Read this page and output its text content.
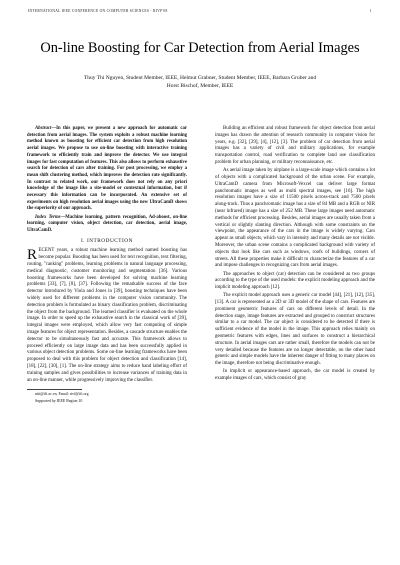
INTERNATIONAL IEEE CONFERENCE ON COMPUTER SCIENCES - RIVF'08	1
On-line Boosting for Car Detection from Aerial Images
Thuy Thi Nguyen, Student Member, IEEE, Helmut Grabner, Student Member, IEEE, Barbara Gruber and
Horst Bischof, Member, IEEE

Abstract—In this paper, we present a new approach for automatic car detection from aerial images. The system exploits a robust machine learning method known as boosting for efficient car detection from high resolution aerial images. We propose to use on-line boosting with interactive training framework to efficiently train and improve the detector. We use integral images for fast computation of features. This also allows to perform exhaustive search for detection of cars after training. For post processing, we employ a mean shift clustering method, which improves the detection rate significantly. In contrast to related work, our framework does not rely on any priori knowledge of the image like a site-model or contextual information, but if necessary this information can be incorporated. An extensive set of experiments on high resolution aerial images using the new UltraCamD shows the superiority of our approach.

Index Terms—Machine learning, pattern recognition, Ad-aboost, on-line learning, computer vision, object detection, car detection, aerial image, UltraCamD.

I. INTRODUCTION

RECENT years, a robust machine learning method named boosting has become popular. Boosting has been used for text recognition, text filtering, routing, "ranking" problems, learning problems in natural language processing, medical diagnostic, customer monitoring and segmentation [36]. Various boosting frameworks have been developed for solving machine learning problems [33], [7], [8], [37]. Following the remarkable success of the face detector introduced by Viola and Jones in [39], boosting techniques have been widely used for different problems in the computer vision community. The detection problem is formulated as binary classification problem, discriminating the object from the background. The learned classifier is evaluated on the whole image. In order to speed up the exhaustive search in the classical work of [39], integral images were employed, which allow very fast computing of simple image features for object representation. Besides, a cascade structure enables the detector to be simultaneously fast and accurate. This framework allows to proceed efficiently on large image data and has been successfully applied in various object detection problems. Some on-line learning frameworks have been proposed to deal with this problem for object detection and classification [14], [18], [22], [30], [1]. The on-line strategy aims to reduce hand labeling effort of training samples and gives possibilities to increase variances of training data in an on-line manner, while progressively improving the classifier.

nttt@ifi.ac.vn, Email: rivf@ifi.org

Supported by IEEE Region 10

Building an efficient and robust framework for object detection from aerial images has drawn the attention of research community in computer vision for years, e.g. [32], [29], [4], [12], [3]. The problem of car detection from aerial images has a variety of civil and military applications, for example transportation control, road verification to complete land use classification problem for urban planning, or military reconnaissance, etc.

As aerial image taken by airplane is a large-scale image which contains a lot of objects with a complicated background of the urban scene. For example, UltraCamD camera from Microsoft-Vexcel can deliver large format panchromatic images as well as multi spectral images, see [16]. The high resolution images have a size of 11500 pixels across-track and 7500 pixels along-track. Thus a panchromatic image has a size of 84 MB and a RGB or NIR (near infrared) image has a size of 252 MB. These large images need automatic methods for efficient processing. Besides, aerial images are usually taken from a vertical or slightly slanting direction. Although with some constraints on the viewpoint, the appearance of the cars in the image is widely varying. Cars appear as small objects, which vary in intensity and many details are not visible. Moreover, the urban scene contains a complicated background with variety of objects that look like cars such as windows, roofs of buildings, corners of streets. All these properties make it difficult to characterize the features of a car and impose challenges in recognizing cars from aerial images.

The approaches to object (car) detection can be considered as two groups according to the type of the used models: the explicit modeling approach and the implicit modeling approach [12].

The explicit model approach uses a generic car model [44], [21], [12], [35], [13]. A car is represented as a 2D or 3D model of the shape of cars. Features are prominent geometric features of cars on different levels of detail. In the detection stage, image features are extracted and grouped to construct structures similar to a car model. The car object is considered to be detected if there is sufficient evidence of the model in the image. This approach relies mainly on geometric features with edges, lines and surfaces to construct a hierarchical structure. In aerial images cars are rather small, therefore the models can not be very detailed because the features are no longer detectable, on the other hand generic and simple models have the inherent danger of fitting to many places on the image, therefore not being discriminative enough.

In implicit or appearance-based approach, the car model is created by example images of cars, which consist of gray
